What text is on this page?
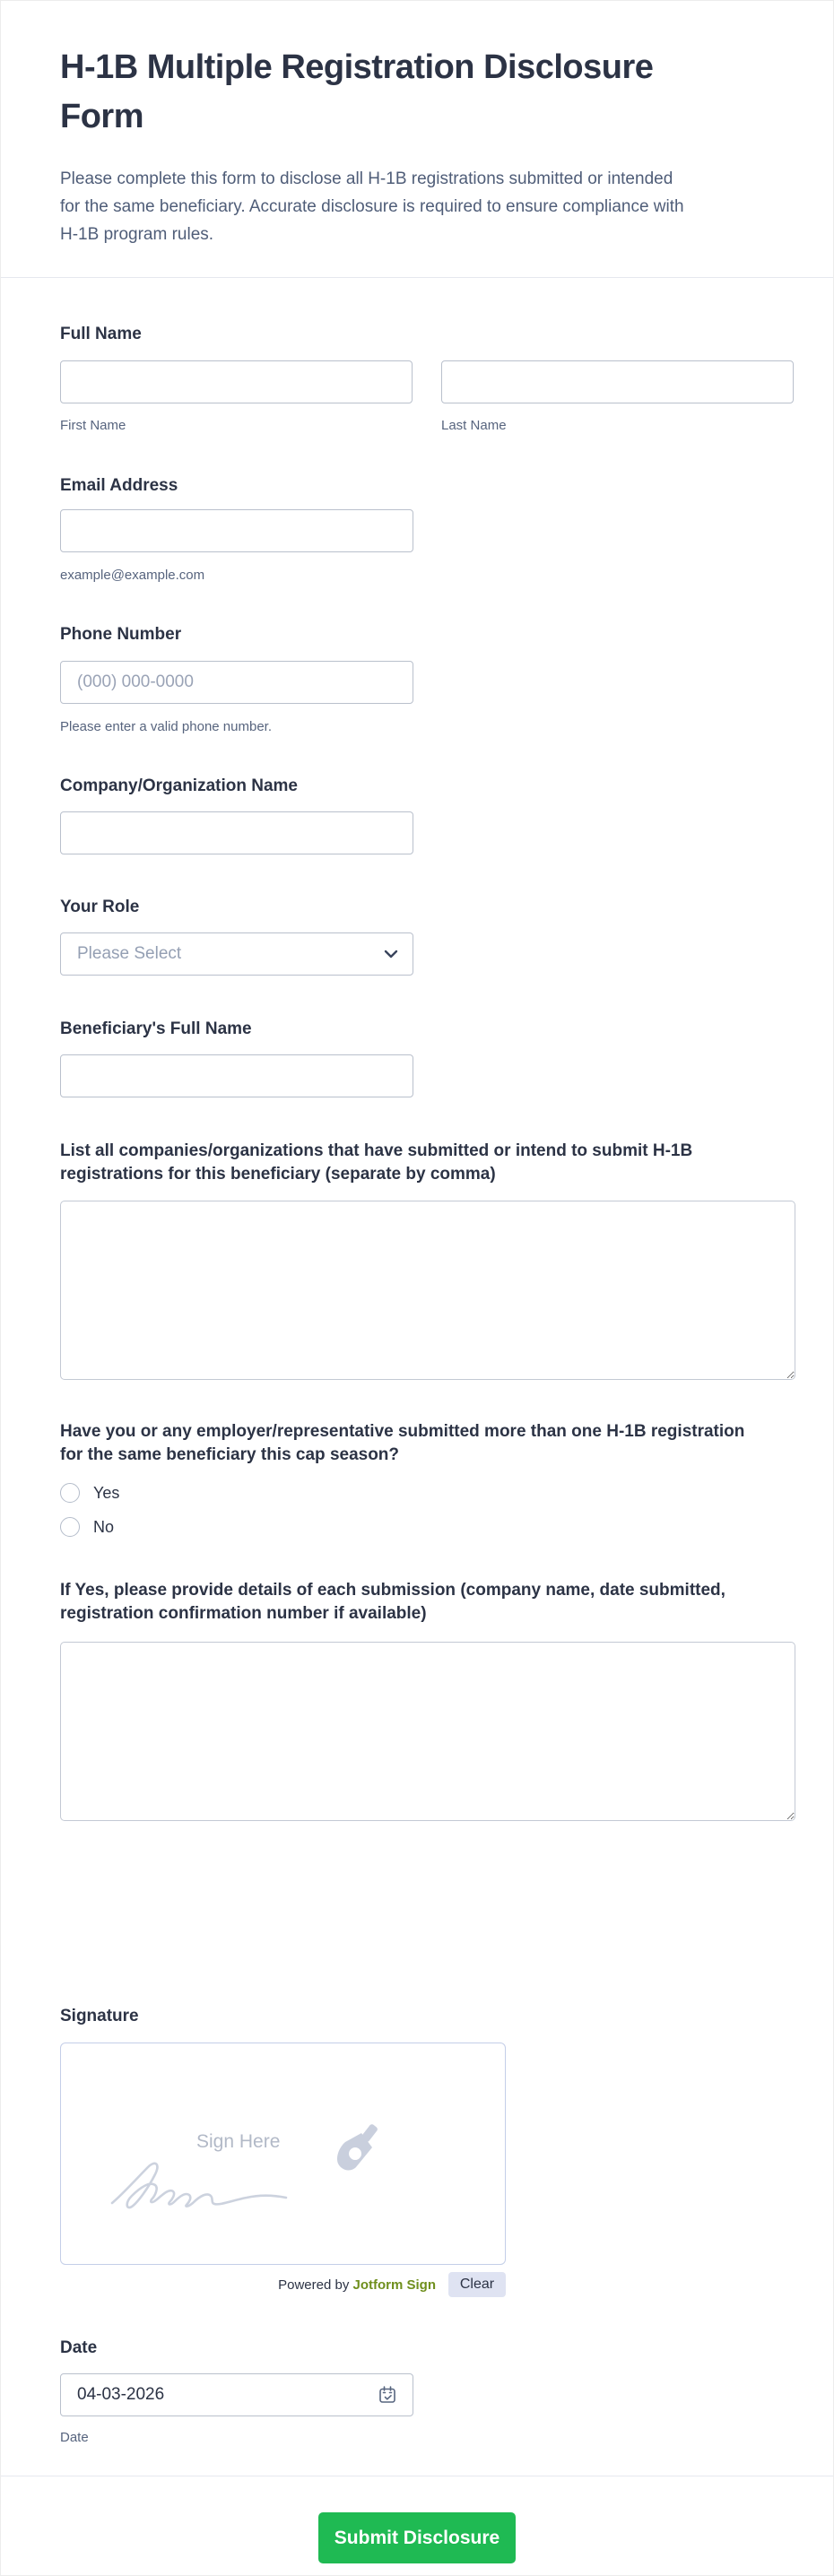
H-1B Multiple Registration Disclosure
Form
Please complete this form to disclose all H-1B registrations submitted or intended
for the same beneficiary. Accurate disclosure is required to ensure compliance with
H-1B program rules.
Full Name
First Name	Last Name
Email Address
example@example.com
Phone Number
(000) 000-0000
Please enter a valid phone number.
Company/Organization Name
Your Role
Please Select
Beneficiary's Full Name
List all companies/organizations that have submitted or intend to submit H-1B
registrations for this beneficiary (separate by comma)
Have you or any employer/representative submitted more than one H-1B registration
for the same beneficiary this cap season?
Yes
No
If Yes, please provide details of each submission (company name, date submitted,
registration confirmation number if available)
Signature
Sign Here
Powered by Jotform Sign	Clear
Date
04-03-2026
Date
Submit Disclosure
